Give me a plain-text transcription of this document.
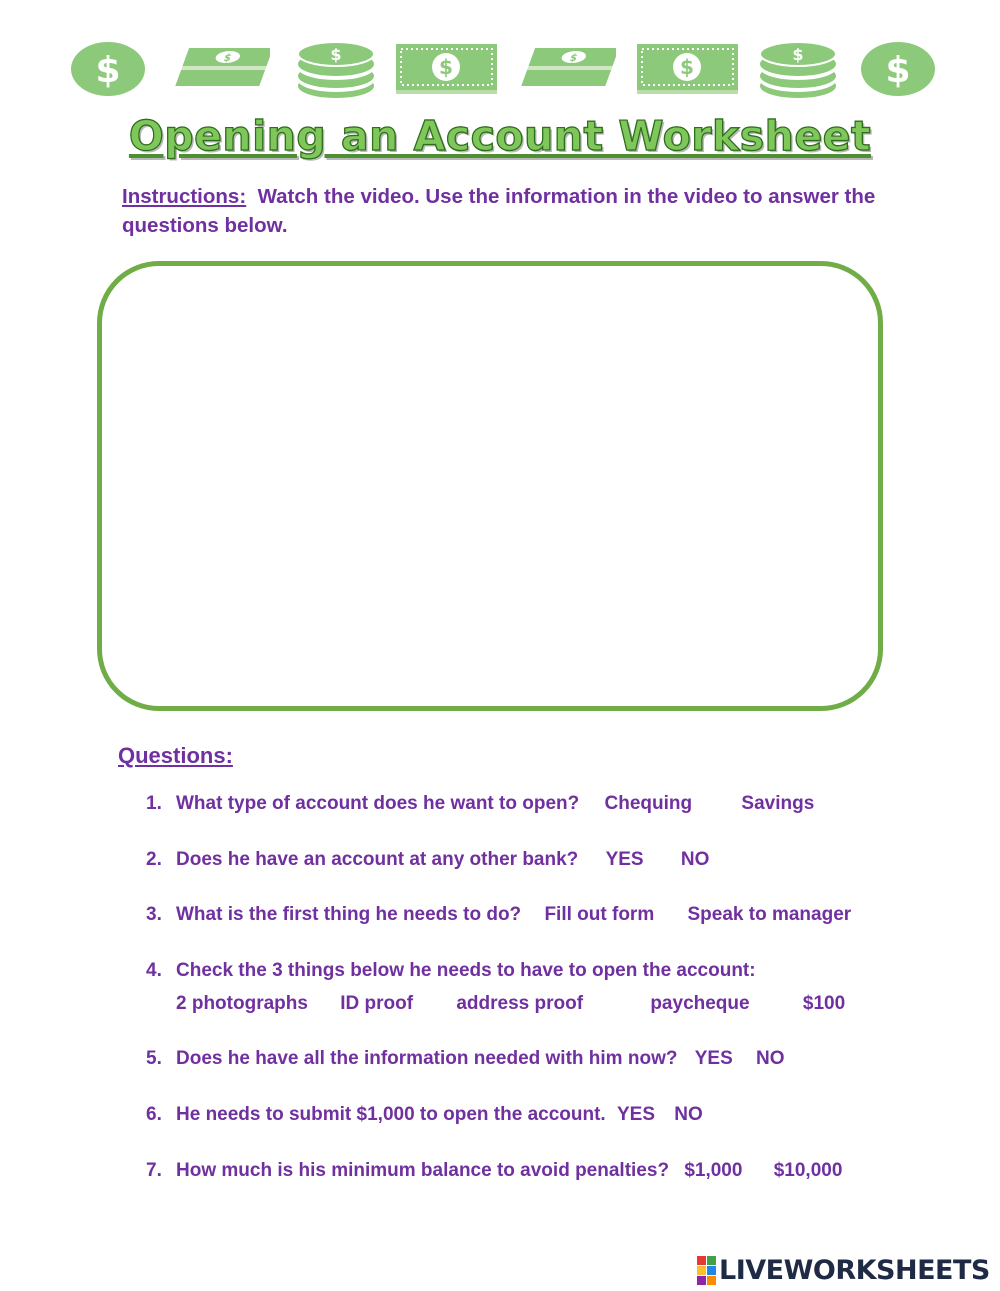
$	$	$
$	$	$
$ $
Opening an Account Worksheet
Instructions: Watch the video. Use the information in the video to answer the questions below.
Questions:
1. What type of account does he want to open? Chequing	Savings
2. Does he have an account at any other bank? YES NO
3. What is the first thing he needs to do? Fill out form Speak to manager
4. Check the 3 things below he needs to have to open the account:
2 photographs ID proof address proof	paycheque	$100
5. Does he have all the information needed with him now? YES NO
6. He needs to submit $1,000 to open the account. YES NO
7. How much is his minimum balance to avoid penalties? $1,000 $10,000
LIVEWORKSHEETS
